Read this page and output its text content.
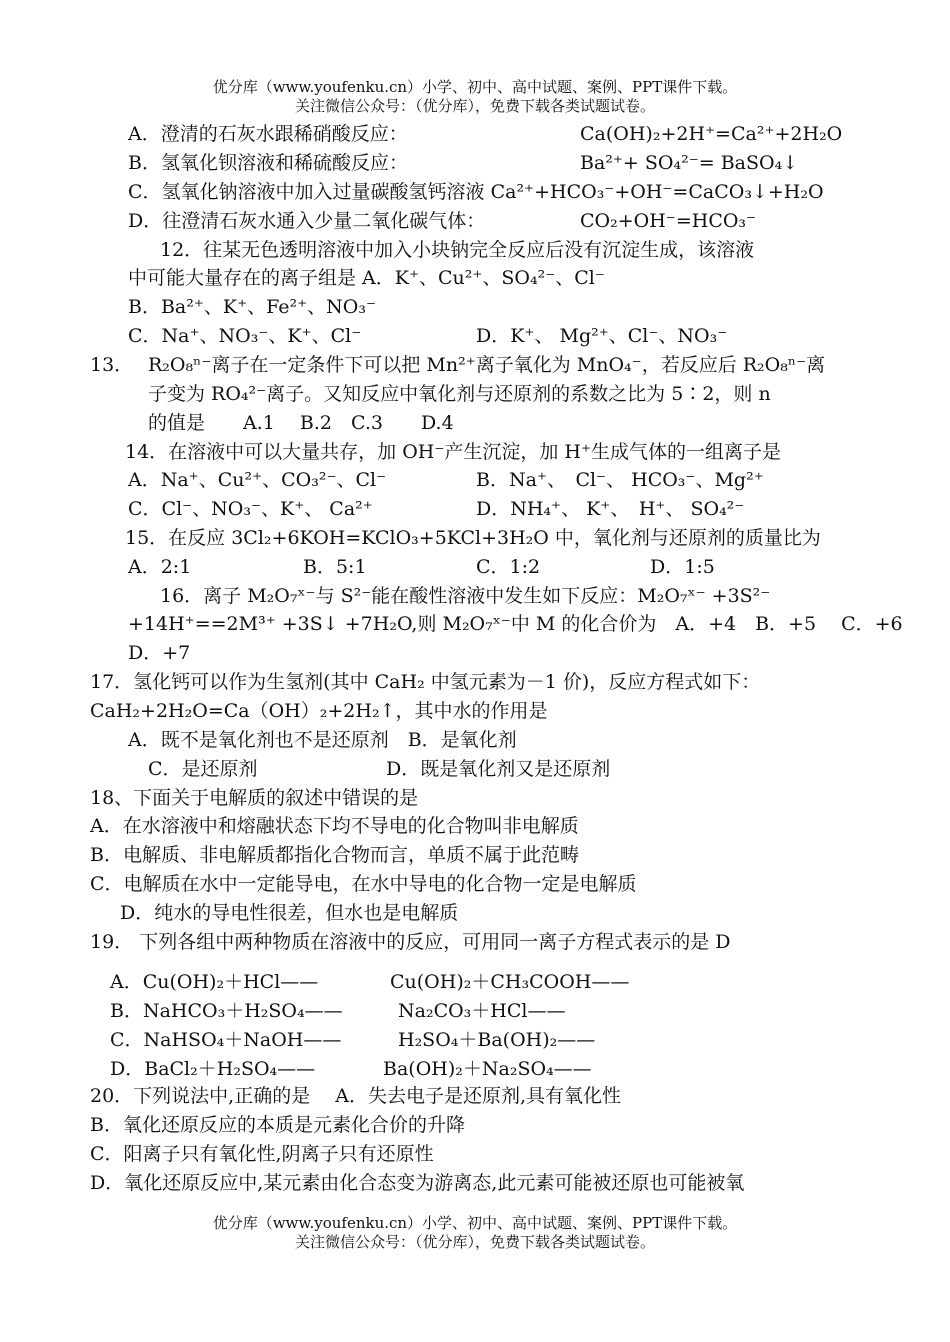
优分库（www.youfenku.cn）小学、初中、高中试题、案例、PPT课件下载。
关注微信公众号：（优分库），免费下载各类试题试卷。
A．澄清的石灰水跟稀硝酸反应：	Ca(OH)₂+2H⁺=Ca²⁺+2H₂O
B．氢氧化钡溶液和稀硫酸反应：	Ba²⁺+ SO₄²⁻= BaSO₄↓
C．氢氧化钠溶液中加入过量碳酸氢钙溶液 Ca²⁺+HCO₃⁻+OH⁻=CaCO₃↓+H₂O
D．往澄清石灰水通入少量二氧化碳气体：	CO₂+OH⁻=HCO₃⁻
12．往某无色透明溶液中加入小块钠完全反应后没有沉淀生成，该溶液
中可能大量存在的离子组是 A．K⁺、Cu²⁺、SO₄²⁻、Cl⁻
B．Ba²⁺、K⁺、Fe²⁺、NO₃⁻
C．Na⁺、NO₃⁻、K⁺、Cl⁻	D．K⁺、 Mg²⁺、Cl⁻、NO₃⁻
13． R₂O₈ⁿ⁻离子在一定条件下可以把 Mn²⁺离子氧化为 MnO₄⁻，若反应后 R₂O₈ⁿ⁻离
子变为 RO₄²⁻离子。又知反应中氧化剂与还原剂的系数之比为 5∶2，则 n
的值是　　A.1　 B.2　C.3　　D.4
14．在溶液中可以大量共存，加 OH⁻产生沉淀，加 H⁺生成气体的一组离子是
A．Na⁺、Cu²⁺、CO₃²⁻、Cl⁻	B．Na⁺、　Cl⁻、 HCO₃⁻、Mg²⁺
C．Cl⁻、NO₃⁻、K⁺、 Ca²⁺	D．NH₄⁺、 K⁺、　H⁺、 SO₄²⁻
15．在反应 3Cl₂+6KOH=KClO₃+5KCl+3H₂O 中，氧化剂与还原剂的质量比为
A．2:1	B．5:1	C．1:2	D．1:5
16．离子 M₂O₇ˣ⁻与 S²⁻能在酸性溶液中发生如下反应：M₂O₇ˣ⁻ +3S²⁻
+14H⁺==2M³⁺ +3S↓ +7H₂O,则 M₂O₇ˣ⁻中 M 的化合价为　A．+4　B．+5　 C．+6
D．+7
17．氢化钙可以作为生氢剂(其中 CaH₂ 中氢元素为－1 价)，反应方程式如下：
CaH₂+2H₂O=Ca（OH）₂+2H₂↑，其中水的作用是
A．既不是氧化剂也不是还原剂　B．是氧化剂
C．是还原剂	D．既是氧化剂又是还原剂
18、下面关于电解质的叙述中错误的是
A．在水溶液中和熔融状态下均不导电的化合物叫非电解质
B．电解质、非电解质都指化合物而言，单质不属于此范畴
C．电解质在水中一定能导电，在水中导电的化合物一定是电解质
D．纯水的导电性很差，但水也是电解质
19． 下列各组中两种物质在溶液中的反应，可用同一离子方程式表示的是 D
A．Cu(OH)₂＋HCl——	Cu(OH)₂＋CH₃COOH——
B．NaHCO₃＋H₂SO₄——	Na₂CO₃＋HCl——
C．NaHSO₄＋NaOH——	H₂SO₄＋Ba(OH)₂——
D．BaCl₂＋H₂SO₄——	Ba(OH)₂＋Na₂SO₄——
20．下列说法中,正确的是　 A．失去电子是还原剂,具有氧化性
B．氧化还原反应的本质是元素化合价的升降
C．阳离子只有氧化性,阴离子只有还原性
D．氧化还原反应中,某元素由化合态变为游离态,此元素可能被还原也可能被氧
优分库（www.youfenku.cn）小学、初中、高中试题、案例、PPT课件下载。
关注微信公众号：（优分库），免费下载各类试题试卷。
